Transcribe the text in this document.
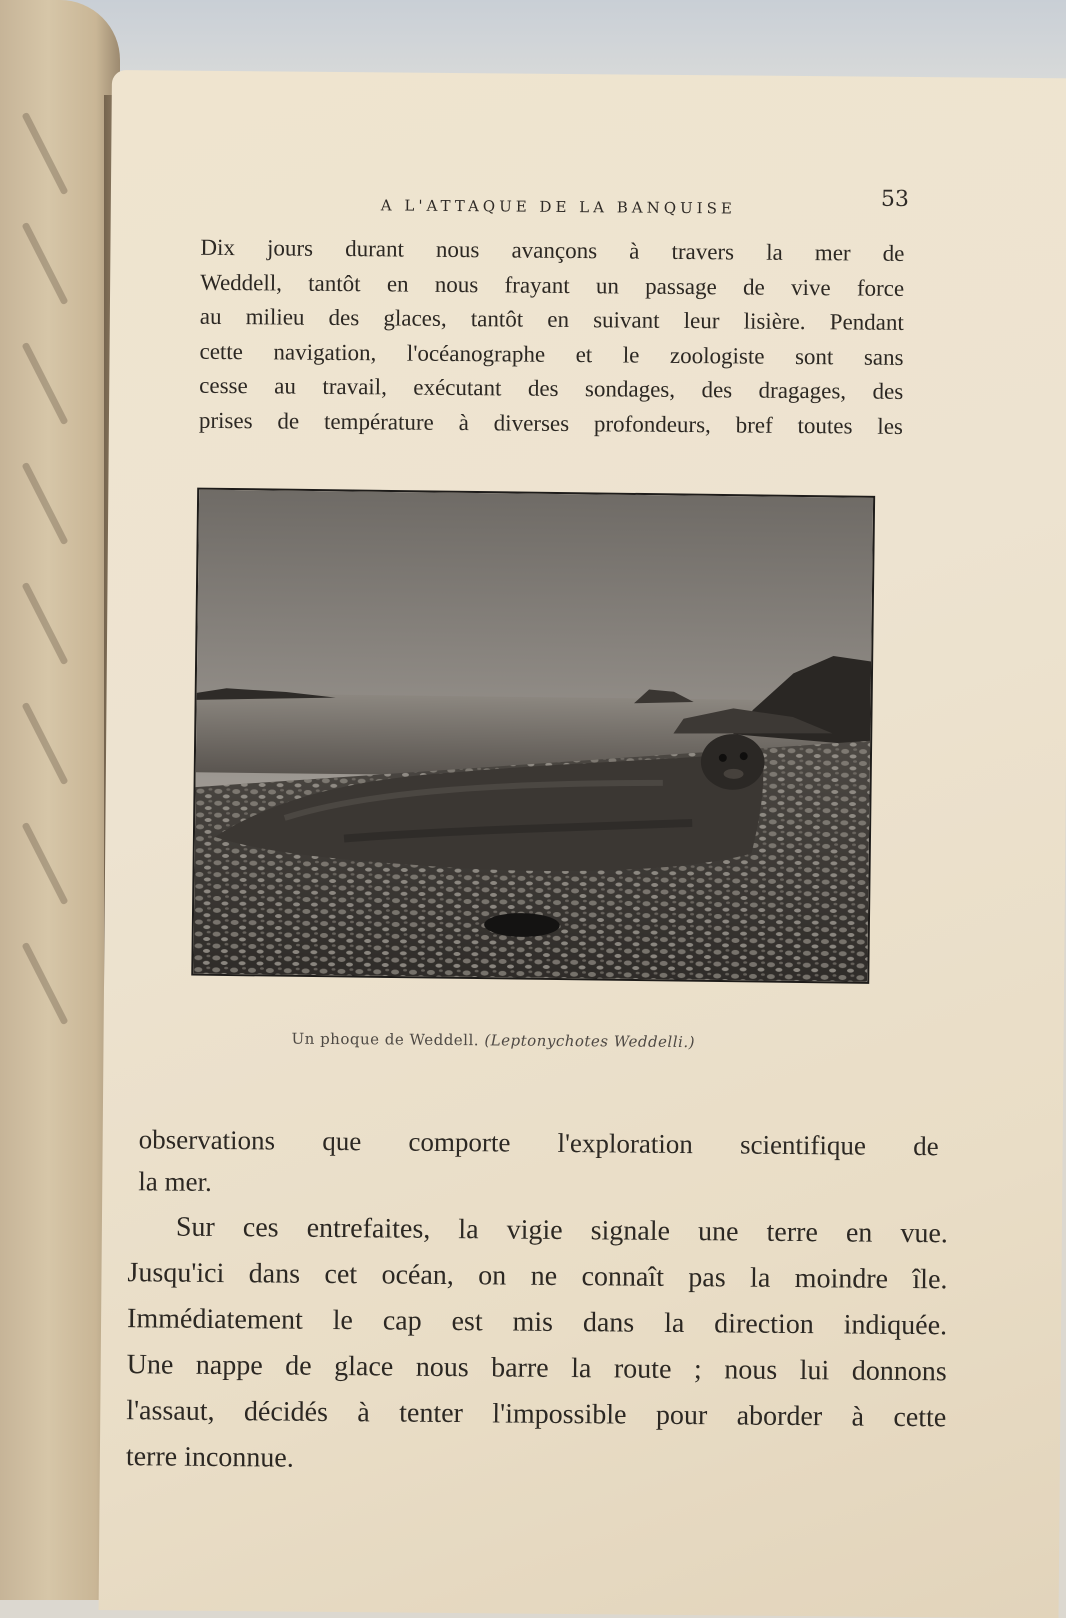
A L'ATTAQUE DE LA BANQUISE	53
Dix jours durant nous avançons à travers la mer de
Weddell, tantôt en nous frayant un passage de vive force
au milieu des glaces, tantôt en suivant leur lisière. Pendant
cette navigation, l'océanographe et le zoologiste sont sans
cesse au travail, exécutant des sondages, des dragages, des
prises de température à diverses profondeurs, bref toutes les
Un phoque de Weddell. (Leptonychotes Weddelli.)
observations que comporte l'exploration scientifique de
la mer.
Sur ces entrefaites, la vigie signale une terre en vue.
Jusqu'ici dans cet océan, on ne connaît pas la moindre île.
Immédiatement le cap est mis dans la direction indiquée.
Une nappe de glace nous barre la route ; nous lui donnons
l'assaut, décidés à tenter l'impossible pour aborder à cette
terre inconnue.
